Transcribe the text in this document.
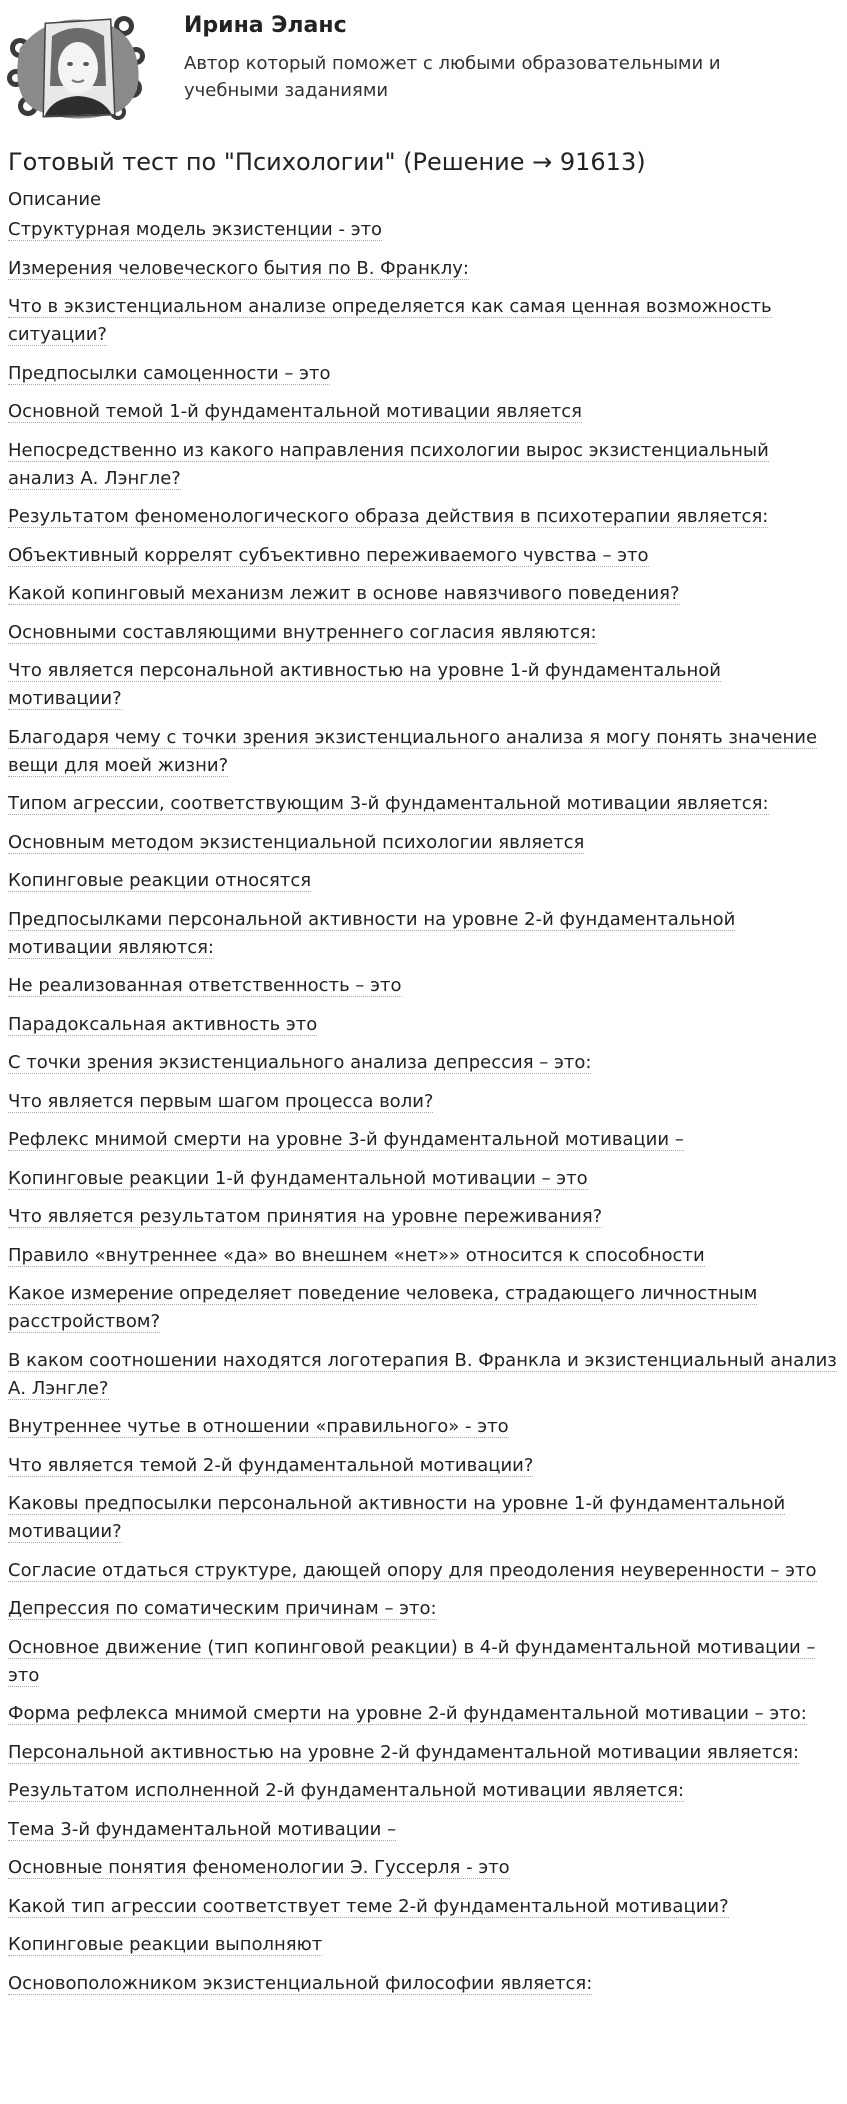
Ирина Эланс
Автор который поможет с любыми образовательными и учебными заданиями
Готовый тест по "Психологии" (Решение → 91613)
Описание
Структурная модель экзистенции - это
Измерения человеческого бытия по В. Франклу:
Что в экзистенциальном анализе определяется как самая ценная возможность ситуации?
Предпосылки самоценности – это
Основной темой 1-й фундаментальной мотивации является
Непосредственно из какого направления психологии вырос экзистенциальный анализ А. Лэнгле?
Результатом феноменологического образа действия в психотерапии является:
Объективный коррелят субъективно переживаемого чувства – это
Какой копинговый механизм лежит в основе навязчивого поведения?
Основными составляющими внутреннего согласия являются:
Что является персональной активностью на уровне 1-й фундаментальной мотивации?
Благодаря чему с точки зрения экзистенциального анализа я могу понять значение вещи для моей жизни?
Типом агрессии, соответствующим 3-й фундаментальной мотивации является:
Основным методом экзистенциальной психологии является
Копинговые реакции относятся
Предпосылками персональной активности на уровне 2-й фундаментальной мотивации являются:
Не реализованная ответственность – это
Парадоксальная активность это
С точки зрения экзистенциального анализа депрессия – это:
Что является первым шагом процесса воли?
Рефлекс мнимой смерти на уровне 3-й фундаментальной мотивации –
Копинговые реакции 1-й фундаментальной мотивации – это
Что является результатом принятия на уровне переживания?
Правило «внутреннее «да» во внешнем «нет»» относится к способности
Какое измерение определяет поведение человека, страдающего личностным расстройством?
В каком соотношении находятся логотерапия В. Франкла и экзистенциальный анализ А. Лэнгле?
Внутреннее чутье в отношении «правильного» - это
Что является темой 2-й фундаментальной мотивации?
Каковы предпосылки персональной активности на уровне 1-й фундаментальной мотивации?
Согласие отдаться структуре, дающей опору для преодоления неуверенности – это
Депрессия по соматическим причинам – это:
Основное движение (тип копинговой реакции) в 4-й фундаментальной мотивации – это
Форма рефлекса мнимой смерти на уровне 2-й фундаментальной мотивации – это:
Персональной активностью на уровне 2-й фундаментальной мотивации является:
Результатом исполненной 2-й фундаментальной мотивации является:
Тема 3-й фундаментальной мотивации –
Основные понятия феноменологии Э. Гуссерля - это
Какой тип агрессии соответствует теме 2-й фундаментальной мотивации?
Копинговые реакции выполняют
Основоположником экзистенциальной философии является:
